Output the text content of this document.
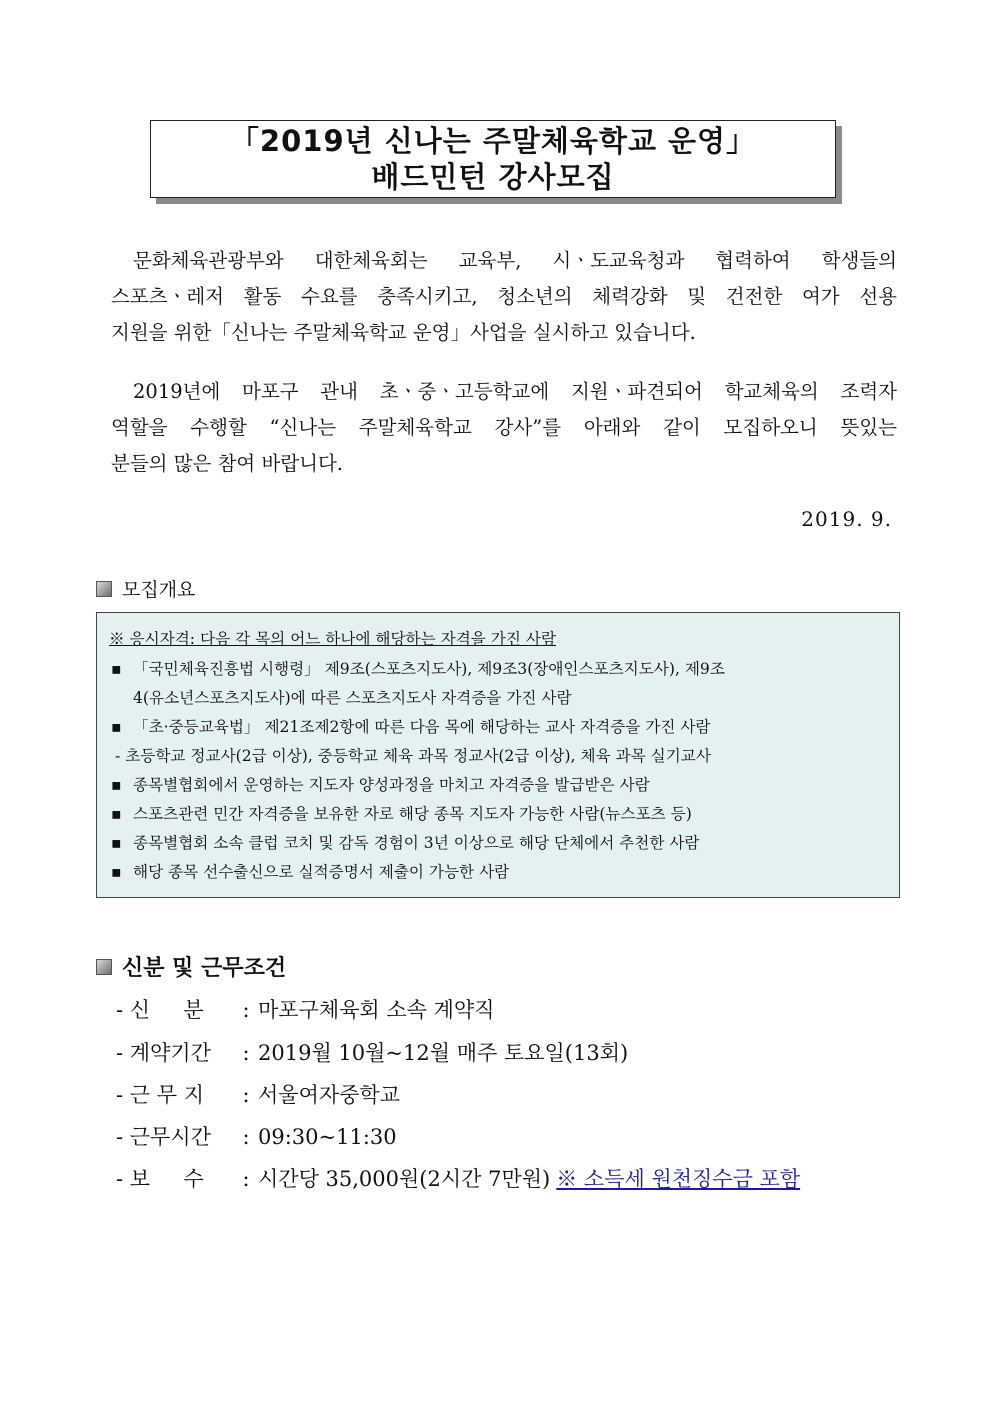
「2019년 신나는 주말체육학교 운영」
배드민턴 강사모집
문화체육관광부와 대한체육회는 교육부, 시ㆍ도교육청과 협력하여 학생들의
스포츠ㆍ레저 활동 수요를 충족시키고, 청소년의 체력강화 및 건전한 여가 선용
지원을 위한「신나는 주말체육학교 운영」사업을 실시하고 있습니다.
2019년에 마포구 관내 초ㆍ중ㆍ고등학교에 지원ㆍ파견되어 학교체육의 조력자
역할을 수행할 “신나는 주말체육학교 강사”를 아래와 같이 모집하오니 뜻있는
분들의 많은 참여 바랍니다.
2019. 9.
모집개요
※ 응시자격: 다음 각 목의 어느 하나에 해당하는 자격을 가진 사람
▪ 「국민체육진흥법 시행령」 제9조(스포츠지도사), 제9조3(장애인스포츠지도사), 제9조
4(유소년스포츠지도사)에 따른 스포츠지도사 자격증을 가진 사람
▪ 「초·중등교육법」 제21조제2항에 따른 다음 목에 해당하는 교사 자격증을 가진 사람
- 초등학교 정교사(2급 이상), 중등학교 체육 과목 정교사(2급 이상), 체육 과목 실기교사
▪ 종목별협회에서 운영하는 지도자 양성과정을 마치고 자격증을 발급받은 사람
▪ 스포츠관련 민간 자격증을 보유한 자로 해당 종목 지도자 가능한 사람(뉴스포츠 등)
▪ 종목별협회 소속 클럽 코치 및 감독 경험이 3년 이상으로 해당 단체에서 추천한 사람
▪ 해당 종목 선수출신으로 실적증명서 제출이 가능한 사람
신분 및 근무조건
- 신     분 : 마포구체육회 소속 계약직
- 계약기간 : 2019월 10월~12월 매주 토요일(13회)
- 근 무 지 : 서울여자중학교
- 근무시간 : 09:30~11:30
- 보     수 : 시간당 35,000원(2시간 7만원) ※ 소득세 원천징수금 포함
